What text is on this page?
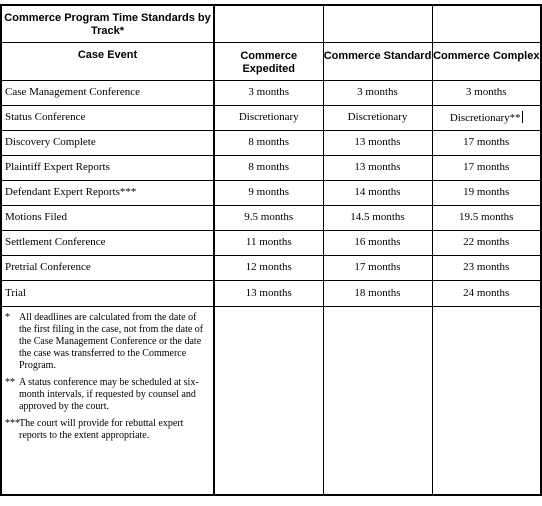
Commerce Program Time Standards by Track*			
Case Event	Commerce Expedited	Commerce Standard	Commerce Complex
Case Management Conference	3 months	3 months	3 months
Status Conference	Discretionary	Discretionary	Discretionary**
Discovery Complete	8 months	13 months	17 months
Plaintiff Expert Reports	8 months	13 months	17 months
Defendant Expert Reports***	9 months	14 months	19 months
Motions Filed	9.5 months	14.5 months	19.5 months
Settlement Conference	11 months	16 months	22 months
Pretrial Conference	12 months	17 months	23 months
Trial	13 months	18 months	24 months

* All deadlines are calculated from the date of the first filing in the case, not from the date of the Case Management Conference or the date the case was transferred to the Commerce Program.
** A status conference may be scheduled at six-month intervals, if requested by counsel and approved by the court.
***The court will provide for rebuttal expert reports to the extent appropriate.			
